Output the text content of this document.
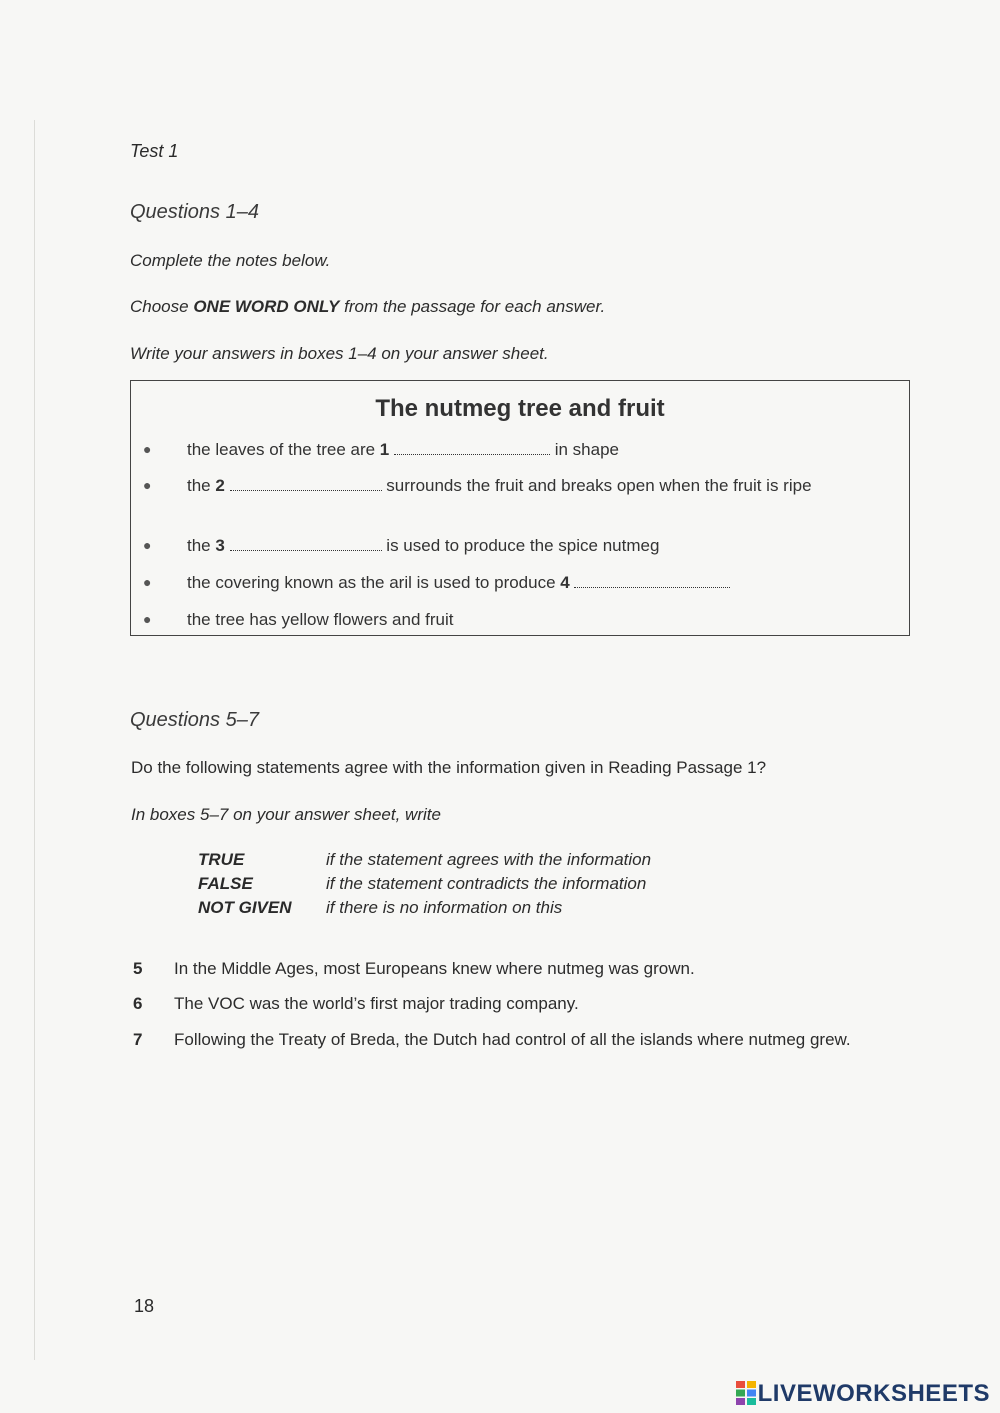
Test 1
Questions 1–4
Complete the notes below.
Choose ONE WORD ONLY from the passage for each answer.
Write your answers in boxes 1–4 on your answer sheet.
The nutmeg tree and fruit
● the leaves of the tree are 1	in shape
● the 2	surrounds the fruit and breaks open when the fruit is ripe
● the 3	is used to produce the spice nutmeg
● the covering known as the aril is used to produce 4
● the tree has yellow flowers and fruit
Questions 5–7
Do the following statements agree with the information given in Reading Passage 1?
In boxes 5–7 on your answer sheet, write
TRUE	if the statement agrees with the information
FALSE	if the statement contradicts the information
NOT GIVEN if there is no information on this
5 In the Middle Ages, most Europeans knew where nutmeg was grown.
6 The VOC was the world’s first major trading company.
7 Following the Treaty of Breda, the Dutch had control of all the islands where nutmeg grew.
18
LIVEWORKSHEETS
